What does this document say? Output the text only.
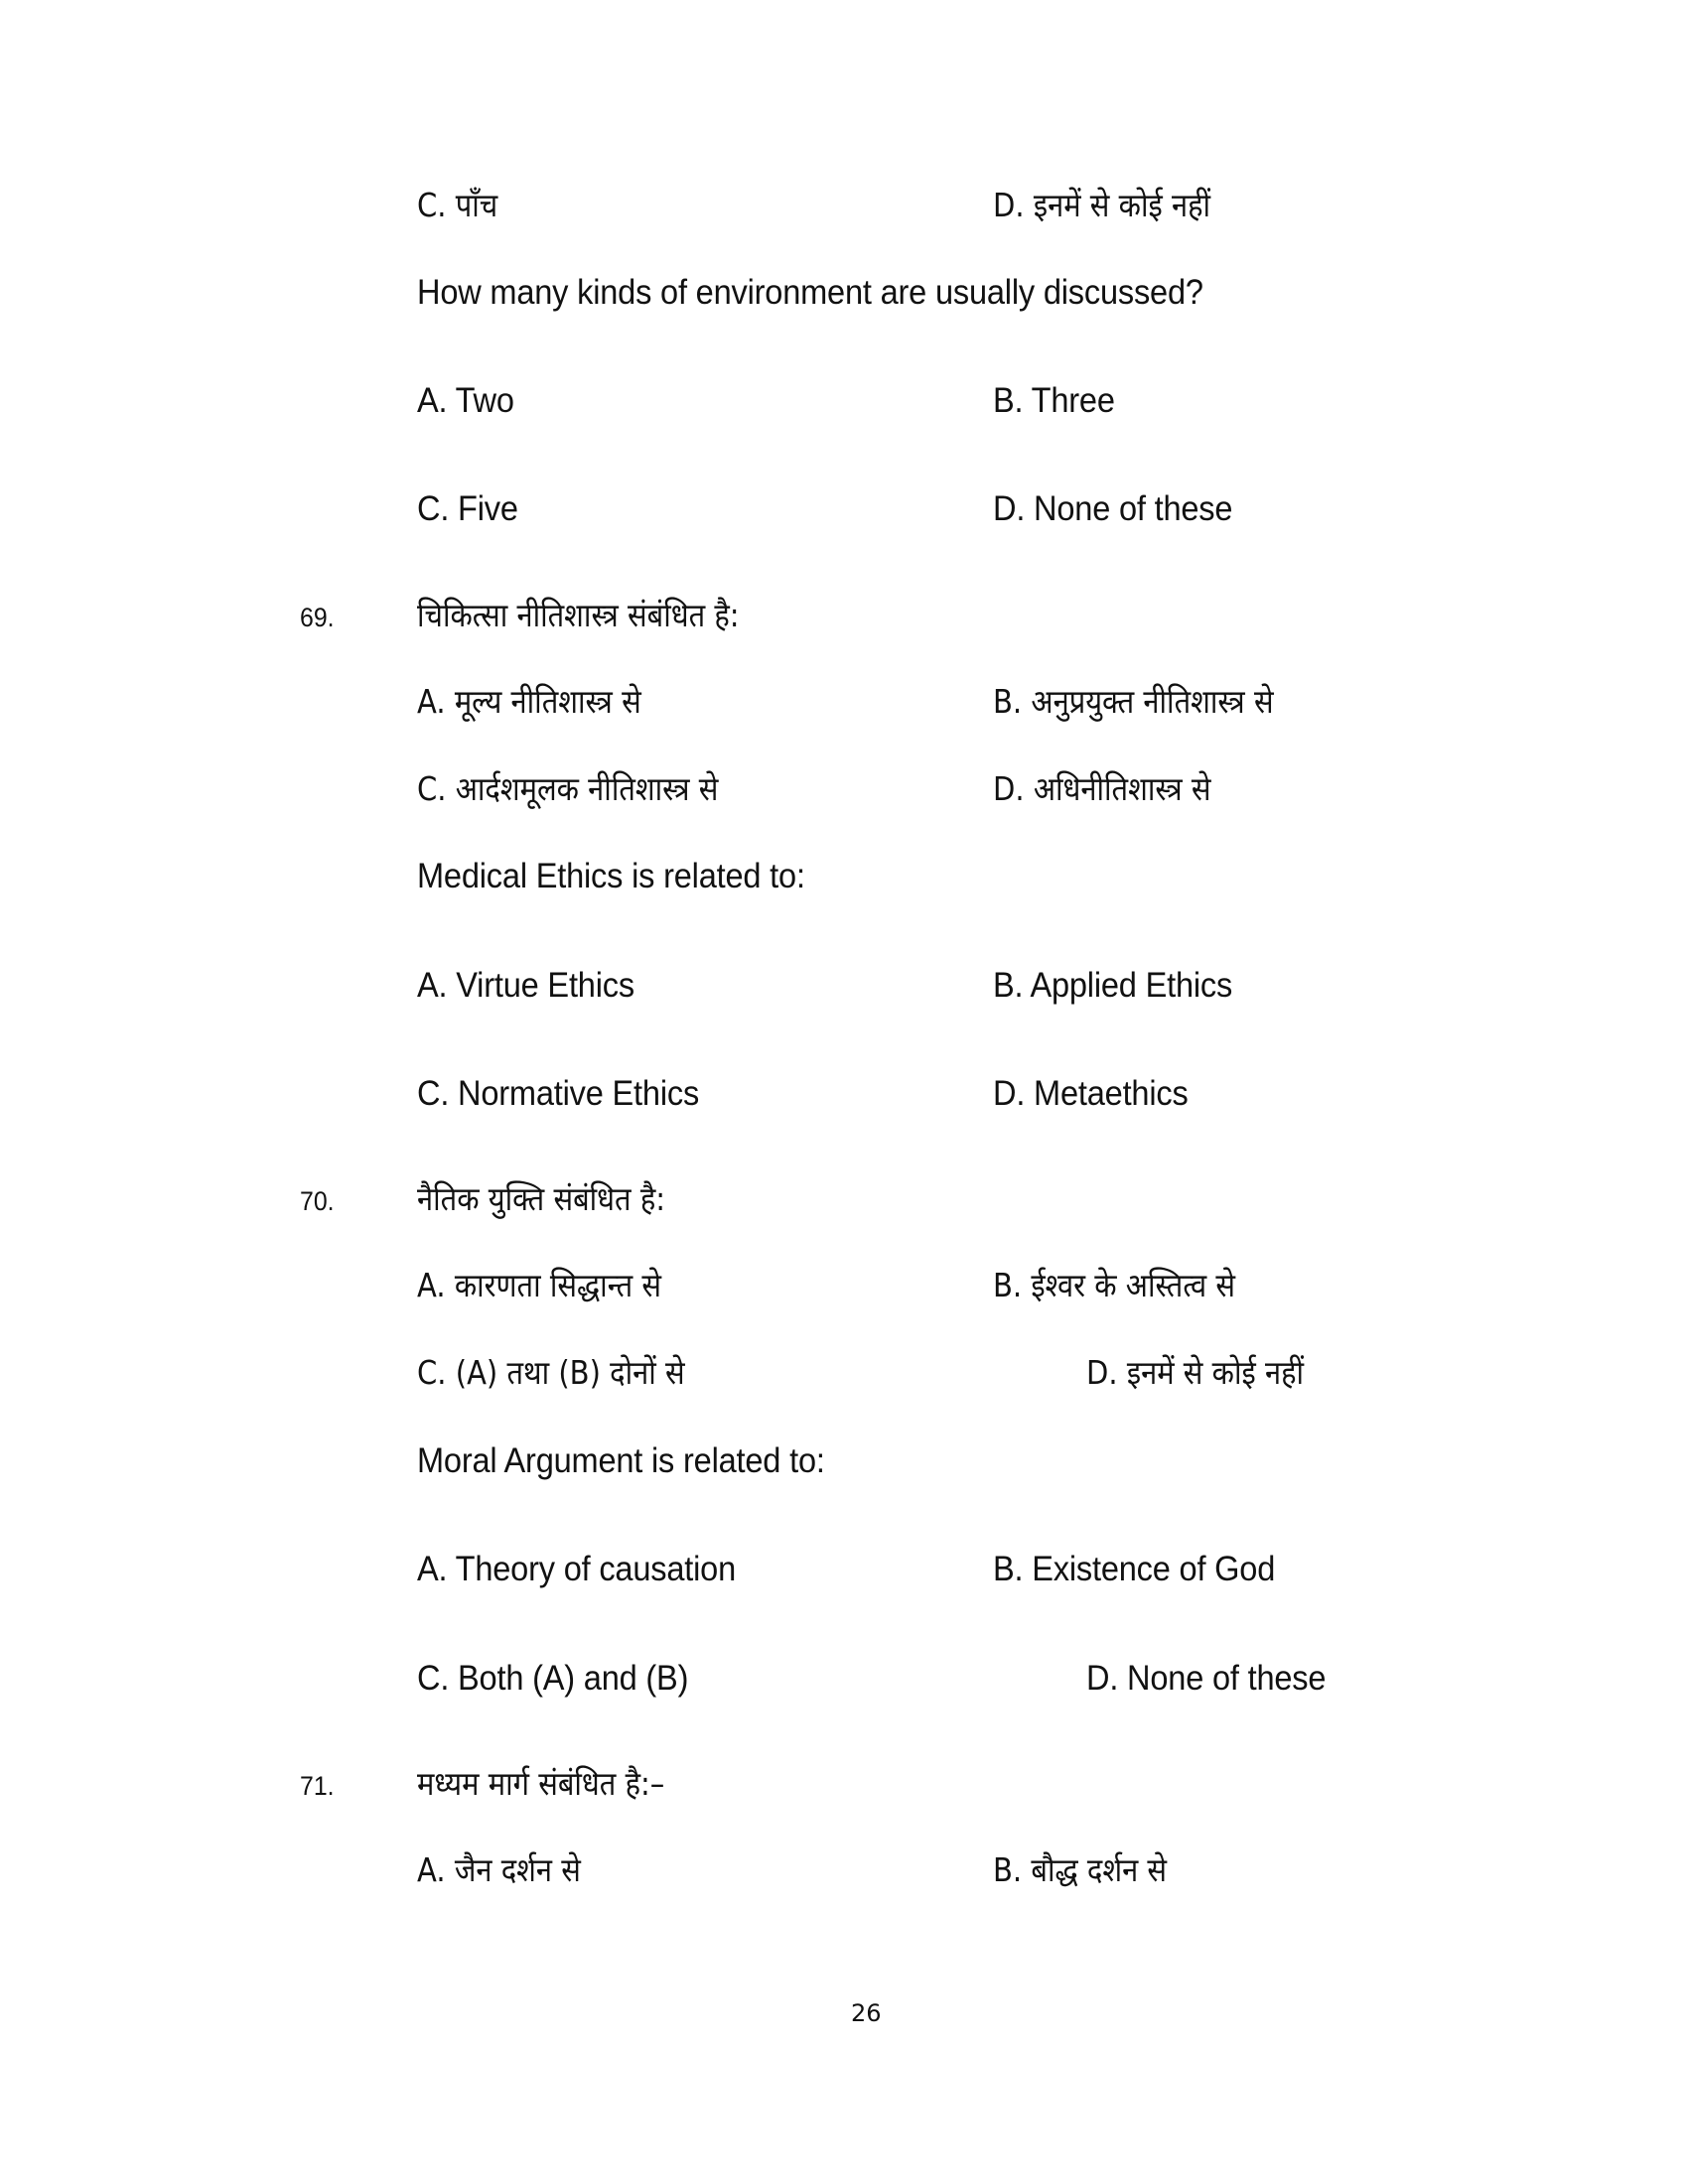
C. पाँच	D. इनमें से कोई नहीं
How many kinds of environment are usually discussed?
A. Two	B. Three
C. Five	D. None of these
69.	चिकित्सा नीतिशास्त्र संबंधित है:
A. मूल्य नीतिशास्त्र से	B. अनुप्रयुक्त नीतिशास्त्र से
C. आर्दशमूलक नीतिशास्त्र से	D. अधिनीतिशास्त्र से
Medical Ethics is related to:
A. Virtue Ethics	B. Applied Ethics
C. Normative Ethics	D. Metaethics
70.	नैतिक युक्ति संबंधित है:
A. कारणता सिद्धान्त से	B. ईश्वर के अस्तित्व से
C. (A) तथा (B) दोनों से	D. इनमें से कोई नहीं
Moral Argument is related to:
A. Theory of causation	B. Existence of God
C. Both (A) and (B)	D. None of these
71.	मध्यम मार्ग संबंधित है:–
A. जैन दर्शन से	B. बौद्ध दर्शन से
26
